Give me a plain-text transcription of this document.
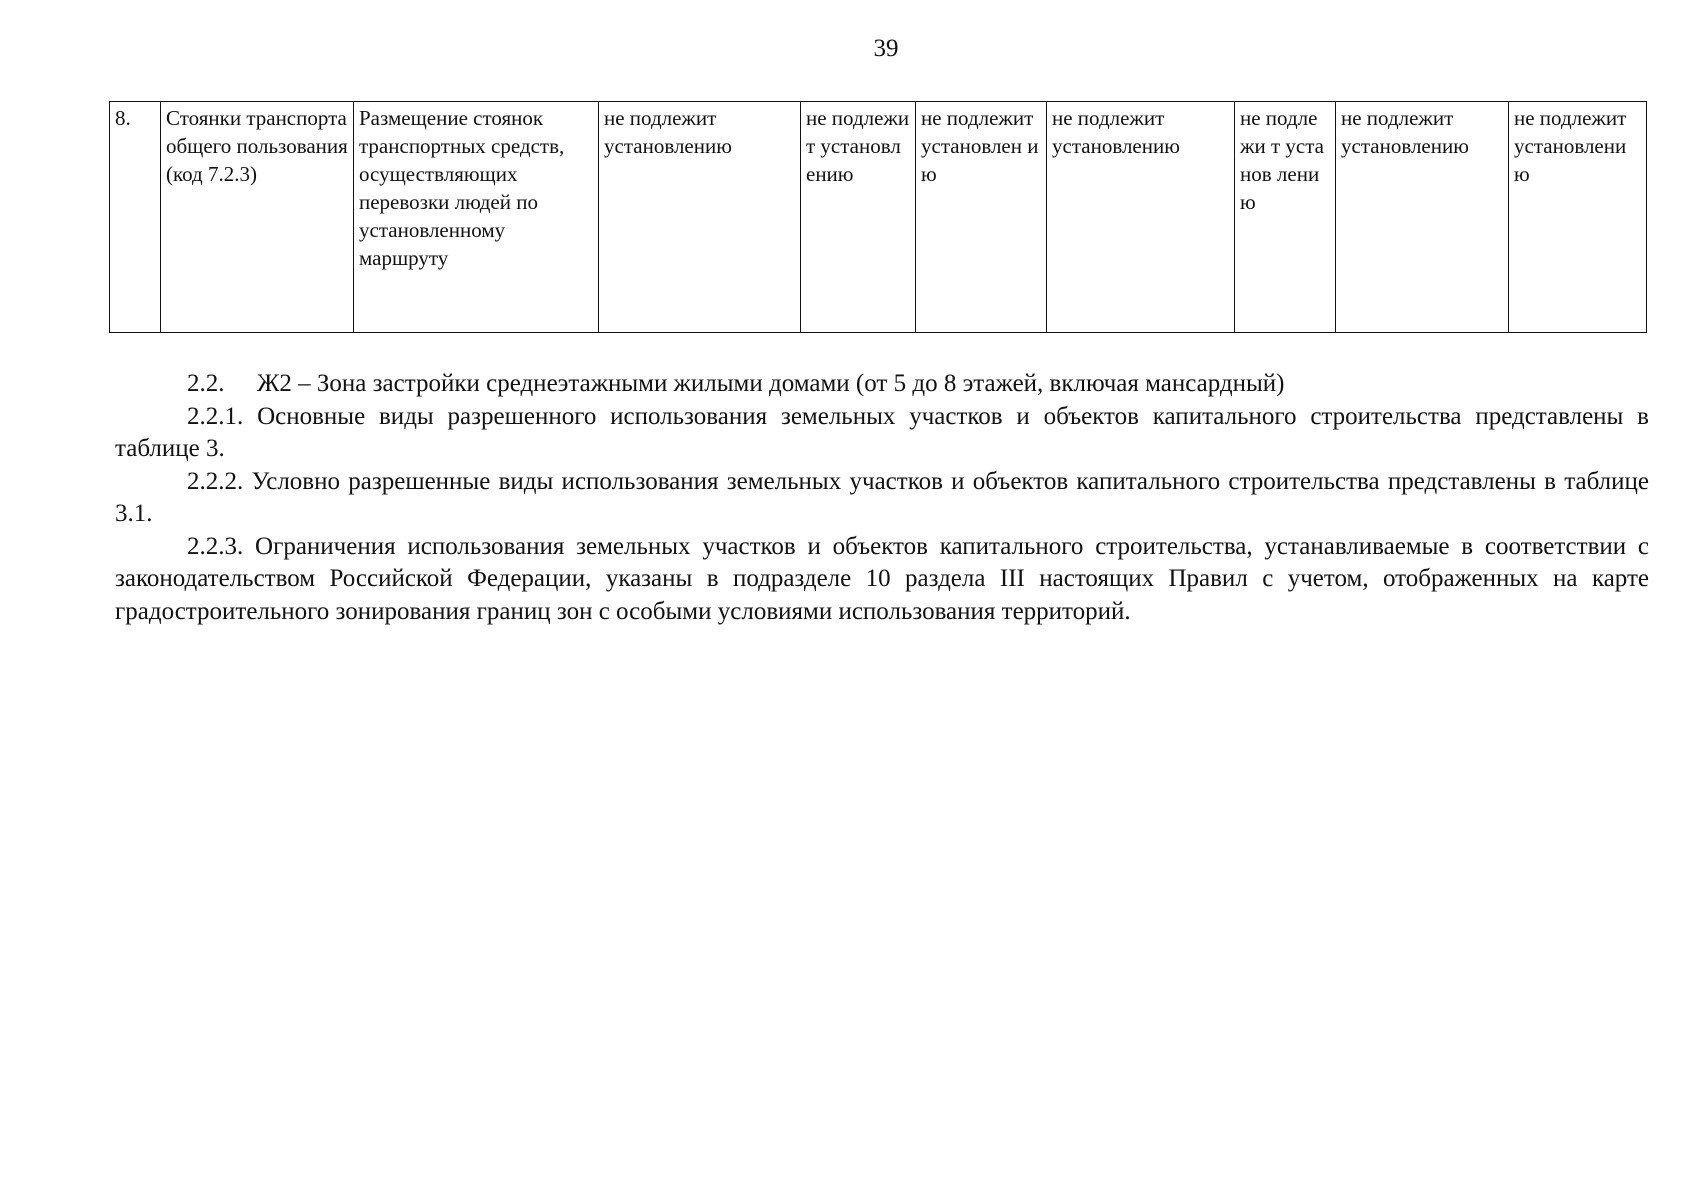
39
8.	Стоянки транспорта общего пользования (код 7.2.3)	Размещение стоянок транспортных средств, осуществляющих перевозки людей по установленному маршруту	не подлежит установлению	не подлежит установл ению	не подлежит установлен ию	не подлежит установлению	не подлежи т установ лению	не подлежит установлению	не подлежит установлени ю

2.2. Ж2 – Зона застройки среднеэтажными жилыми домами (от 5 до 8 этажей, включая мансардный)

2.2.1. Основные виды разрешенного использования земельных участков и объектов капитального строительства представлены в таблице 3.

2.2.2. Условно разрешенные виды использования земельных участков и объектов капитального строительства представлены в таблице 3.1.

2.2.3. Ограничения использования земельных участков и объектов капитального строительства, устанавливаемые в соответствии с законодательством Российской Федерации, указаны в подразделе 10 раздела III настоящих Правил с учетом, отображенных на карте градостроительного зонирования границ зон с особыми условиями использования территорий.
